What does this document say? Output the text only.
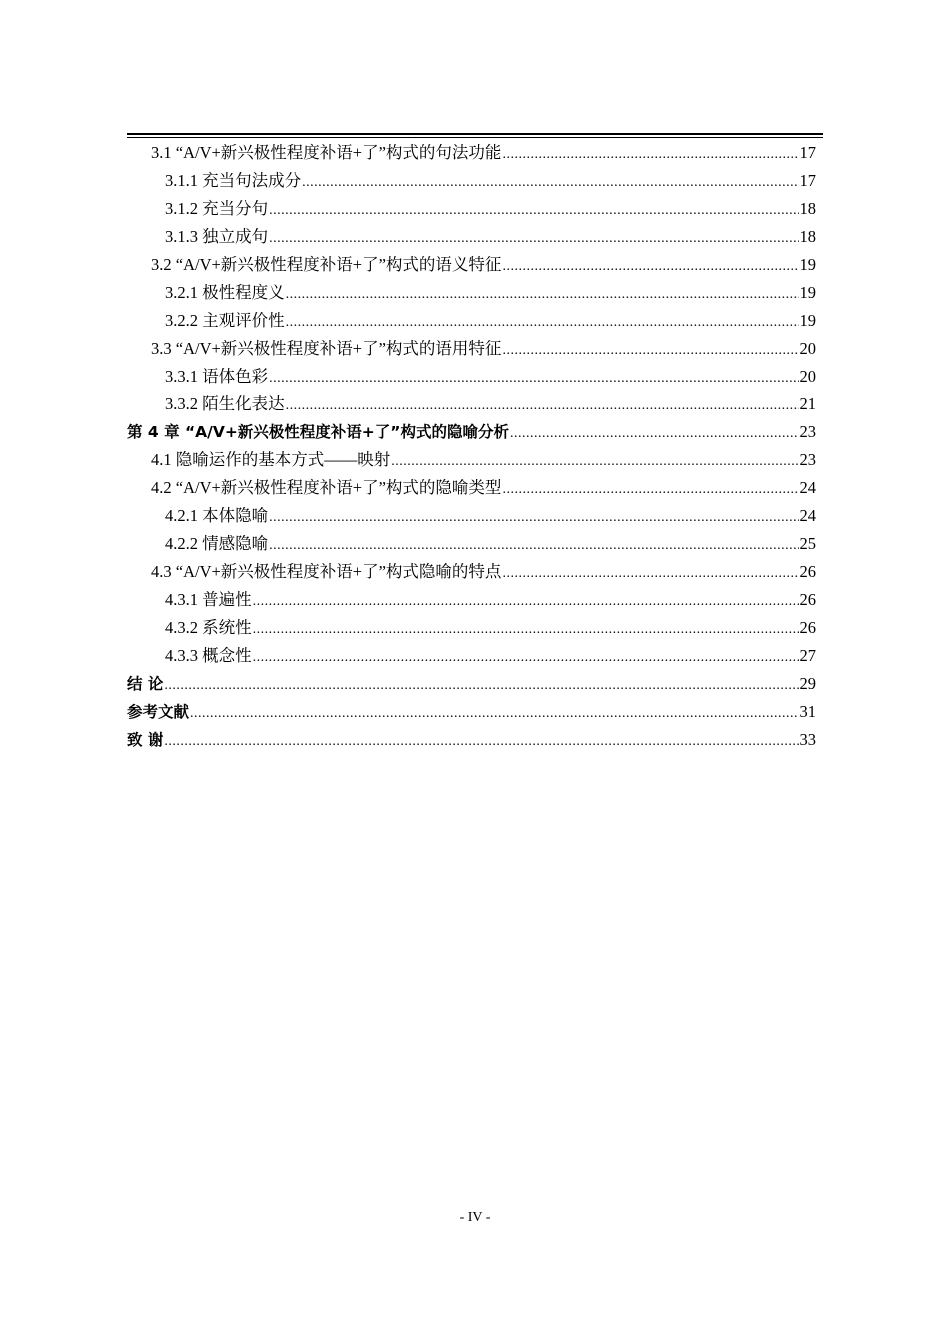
3.1 “A/V+新兴极性程度补语+了”构式的句法功能 .....	17
3.1.1 充当句法成分 .....	17
3.1.2 充当分句 .....	18
3.1.3 独立成句 .....	18
3.2 “A/V+新兴极性程度补语+了”构式的语义特征 .....	19
3.2.1 极性程度义 .....	19
3.2.2 主观评价性 .....	19
3.3 “A/V+新兴极性程度补语+了”构式的语用特征 .....	20
3.3.1 语体色彩 .....	20
3.3.2 陌生化表达 .....	21
第 4 章 “A/V+新兴极性程度补语+了”构式的隐喻分析 .....	23
4.1 隐喻运作的基本方式——映射 .....	23
4.2 “A/V+新兴极性程度补语+了”构式的隐喻类型 .....	24
4.2.1 本体隐喻 .....	24
4.2.2 情感隐喻 .....	25
4.3 “A/V+新兴极性程度补语+了”构式隐喻的特点 .....	26
4.3.1 普遍性 .....	26
4.3.2 系统性 .....	26
4.3.3 概念性 .....	27
结 论 .....	29
参考文献 .....	31
致 谢 .....	33
- IV -
